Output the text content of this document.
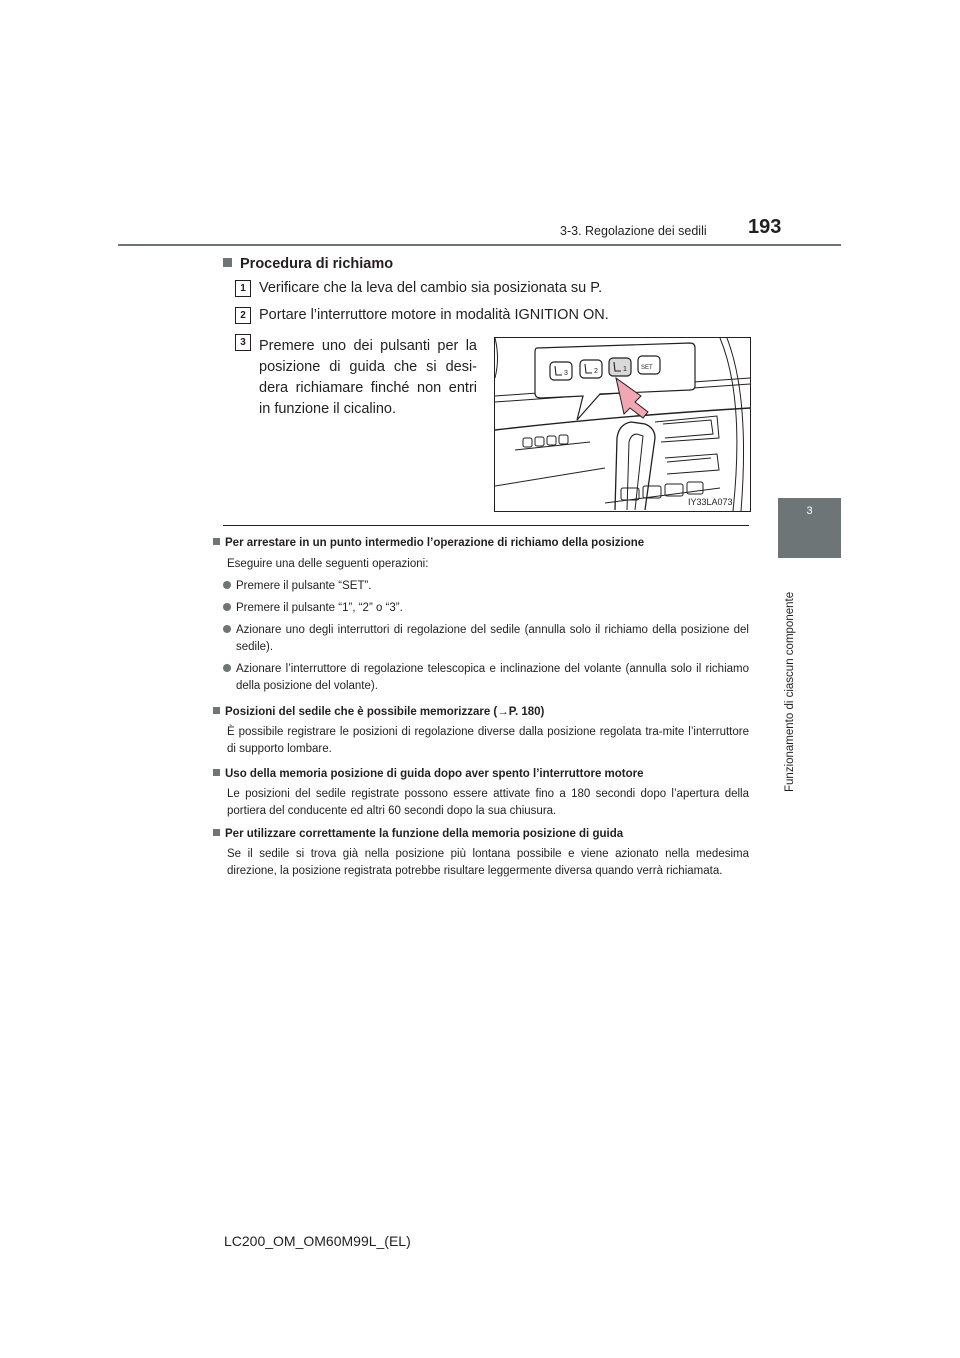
3-3. Regolazione dei sedili 193
3
Funzionamento di ciascun componente
Procedura di richiamo
1 Verificare che la leva del cambio sia posizionata su P.
2 Portare l’interruttore motore in modalità IGNITION ON.
3 Premere uno dei pulsanti per la
posizione di guida che si desi-
dera richiamare finché non entri
in funzione il cicalino.
3	2	1 SET
IY33LA073
Per arrestare in un punto intermedio l’operazione di richiamo della posizione
Eseguire una delle seguenti operazioni:
Premere il pulsante “SET”.
Premere il pulsante “1”, “2” o “3”.
Azionare uno degli interruttori di regolazione del sedile (annulla solo il richiamo della posizione del sedile).
Azionare l’interruttore di regolazione telescopica e inclinazione del volante (annulla solo il richiamo della posizione del volante).
Posizioni del sedile che è possibile memorizzare (→P. 180)
È possibile registrare le posizioni di regolazione diverse dalla posizione regolata tra-mite l’interruttore di supporto lombare.
Uso della memoria posizione di guida dopo aver spento l’interruttore motore
Le posizioni del sedile registrate possono essere attivate fino a 180 secondi dopo l’apertura della portiera del conducente ed altri 60 secondi dopo la sua chiusura.
Per utilizzare correttamente la funzione della memoria posizione di guida
Se il sedile si trova già nella posizione più lontana possibile e viene azionato nella medesima direzione, la posizione registrata potrebbe risultare leggermente diversa quando verrà richiamata.
LC200_OM_OM60M99L_(EL)
